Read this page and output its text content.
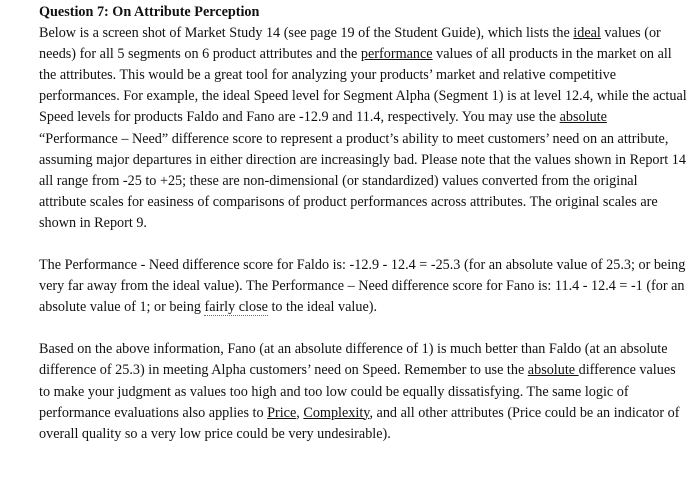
Question 7: On Attribute Perception

Below is a screen shot of Market Study 14 (see page 19 of the Student Guide), which lists the ideal values (or needs) for all 5 segments on 6 product attributes and the performance values of all products in the market on all the attributes. This would be a great tool for analyzing your products’ market and relative competitive performances. For example, the ideal Speed level for Segment Alpha (Segment 1) is at level 12.4, while the actual Speed levels for products Faldo and Fano are -12.9 and 11.4, respectively. You may use the absolute “Performance – Need” difference score to represent a product’s ability to meet customers’ need on an attribute, assuming major departures in either direction are increasingly bad. Please note that the values shown in Report 14 all range from -25 to +25; these are non-dimensional (or standardized) values converted from the original attribute scales for easiness of comparisons of product performances across attributes. The original scales are shown in Report 9.

The Performance - Need difference score for Faldo is: -12.9 - 12.4 = -25.3 (for an absolute value of 25.3; or being very far away from the ideal value). The Performance – Need difference score for Fano is: 11.4 - 12.4 = -1 (for an absolute value of 1; or being fairly close to the ideal value).

Based on the above information, Fano (at an absolute difference of 1) is much better than Faldo (at an absolute difference of 25.3) in meeting Alpha customers’ need on Speed. Remember to use the absolute difference values to make your judgment as values too high and too low could be equally dissatisfying. The same logic of performance evaluations also applies to Price, Complexity, and all other attributes (Price could be an indicator of overall quality so a very low price could be very undesirable).
